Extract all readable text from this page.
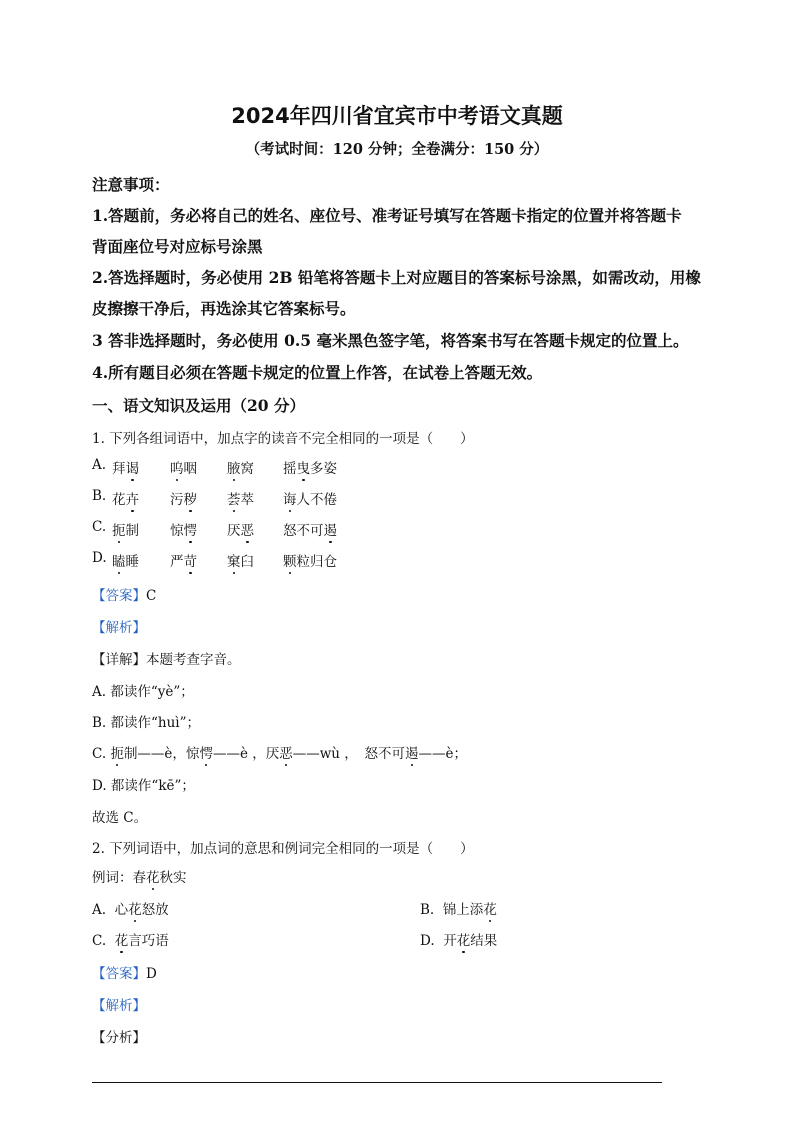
2024年四川省宜宾市中考语文真题
（考试时间：120 分钟；全卷满分：150 分）
注意事项：
1.答题前，务必将自己的姓名、座位号、准考证号填写在答题卡指定的位置并将答题卡
背面座位号对应标号涂黑
2.答选择题时，务必使用 2B 铅笔将答题卡上对应题目的答案标号涂黑，如需改动，用橡
皮擦擦干净后，再选涂其它答案标号。
3 答非选择题时，务必使用 0.5 毫米黑色签字笔，将答案书写在答题卡规定的位置上。
4.所有题目必须在答题卡规定的位置上作答，在试卷上答题无效。
一、语文知识及运用（20 分）
1. 下列各组词语中，加点字的读音不完全相同的一项是（　　）
A. 拜谒 呜咽 腋窝 摇曳多姿
B. 花卉 污秽 荟萃 诲人不倦
C. 扼制 惊愕 厌恶 怒不可遏
D. 瞌睡 严苛 窠臼 颗粒归仓
【答案】C
【解析】
【详解】本题考查字音。
A. 都读作“yè”；
B. 都读作“huì”；
C. 扼制——è，惊愕——è ，厌恶——wù ，　怒不可遏——è；
D. 都读作“kē”；
故选 C。
2. 下列词语中，加点词的意思和例词完全相同的一项是（　　）
例词：春花秋实
A. 心花怒放	B. 锦上添花
C. 花言巧语	D. 开花结果
【答案】D
【解析】
【分析】
